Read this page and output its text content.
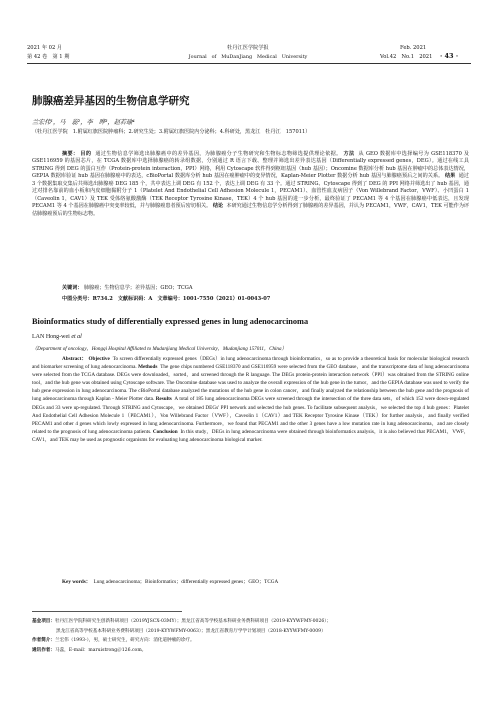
2021 年 02 月
第 42 卷　第 1 期
牡丹江医学院学报
Journal　of　MuDanJiang　Medical　University
Feb. 2021
Vol.42　No.1　2021 · 43 ·
肺腺癌差异基因的生物信息学研究
兰宏伟¹，马　蕊²，李　晔³，赵若瑜⁴
（牡丹江医学院　1.附属红旗医院肿瘤科；2.研究生处；3.附属红旗医院内分泌科；4.科研处，黑龙江　牡丹江　157011）
摘要： 目的 通过生物信息学筛选出肺腺癌中的差异基因，为肺腺癌分子生物研究和生物标志物筛选提供理论依据。 方法 从 GEO 数据库中选择编号为 GSE118370 及 GSE116959 的基因芯片，在 TCGA 数据库中选择肺腺癌的转录组数据，分别通过 R 语言下载、整理并筛选出差异表达基因（Differentially expressed genes，DEG）。通过在线工具 STRING 得到 DEG 的蛋白互作（Protein-protein interaction，PPI）网络，利用 Cytoscape 软件得到枢纽基因（hub 基因）；Oncomine 数据库分析 hub 基因在肿瘤中的总体表达情况，GEPIA 数据库验证 hub 基因在肺腺癌中的表达，cBioPortal 数据库分析 hub 基因在癌肿瘤中的变异情况，Kaplan-Meier Plotter 数据分析 hub 基因与肺腺癌预后之间的关系。 结果 通过 3 个数据集取交集后共筛选出肺腺癌 DEG 185 个，共中表达上调 DEG 有 152 个，表达上调 DEG 有 33 个。通过 STRING、Cytoscape 得到了 DEG 的 PPI 网络并筛选出了 hub 基因，通过对排名靠前的血小板和内皮细胞黏附分子 1（Platelet And Endothelial Cell Adhesion Molecule 1，PECAM1）、血管性血友病因子（Von Willebrand Factor，VWF）、小凹蛋白 1（Caveolin 1，CAV1）及 TEK 受体络氨酸激酶（TEK Receptor Tyrosine Kinase，TEK）4 个 hub 基因的进一步分析，最终验证了 PECAM1 等 4 个基因在肺腺癌中低表达，且发现 PECAM1 等 4 个基因在肺腺癌中突变率较低，并与肺腺癌患者预后密切相关。 结论 本研究通过生物信息学分析得到了肺腺癌的差异基因，并认为 PECAM1，VWF，CAV1，TEK 可能作为评估肺腺癌预后的生物标志物。
关键词： 肺腺癌；生物信息学；差异基因；GEO；TCGA
中图分类号：R734.2　文献标识码：A　文章编号：1001-7550（2021）01-0043-07
Bioinformatics study of differentially expressed genes in lung adenocarcinoma
LAN Hong-wei et al
（Department of oncology，Hongqi Hospital Affiliated to Mudanjiang Medical University，Mudanjiang 157011，China）
Abstract： Objective To screen differentially expressed genes（DEGs）in lung adenocarcinoma through bioinformatics，so as to provide a theoretical basis for molecular biological research and biomarker screening of lung adenocarcinoma. Methods The gene chips numbered GSE118370 and GSE116959 were selected from the GEO database，and the transcriptome data of lung adenocarcinoma were selected from the TCGA database. DEGs were downloaded，sorted，and screened through the R language. The DEGs protein-protein interaction network（PPI）was obtained from the STRING online tool，and the hub gene was obtained using Cytoscape software. The Oncomine database was used to analyze the overall expression of the hub gene in the tumor，and the GEPIA database was used to verify the hub gene expression in lung adenocarcinoma. The cBioPortal database analyzed the mutations of the hub gene in colon cancer，and finally analyzed the relationship between the hub gene and the prognosis of lung adenocarcinoma through Kaplan - Meier Plotter data. Results A total of 185 lung adenocarcinoma DEGs were screened through the intersection of the three data sets，of which 152 were down-regulated DEGs and 33 were up-regulated. Through STRING and Cytoscape，we obtained DEGs' PPI network and selected the hub genes. To facilitate subsequent analysis，we selected the top 4 hub genes：Platelet And Endothelial Cell Adhesion Molecule 1（PECAM1），Von Willebrand Factor（VWF），Caveolin 1（CAV1）and TEK Receptor Tyrosine Kinase（TEK）for further analysis，and finally verified PECAM1 and other 4 genes which lowly expressed in lung adenocarcinoma. Furthermore，we found that PECAM1 and the other 3 genes have a low mutation rate in lung adenocarcinoma，and are closely related to the prognosis of lung adenocarcinoma patients. Conclusion In this study，DEGs in lung adenocarcinoma were obtained through bioinformatics analysis，it is also believed that PECAM1，VWF，CAV1，and TEK may be used as prognostic organisms for evaluating lung adenocarcinoma biological marker.
Key words： Lung adenocarcinoma；Bioinformatics；differentially expressed genes；GEO；TCGA
基金项目：牡丹江医学院科研究生创新科研项目（2019YJSCX-03MY）；黑龙江省高等学校基本科研业务费科研项目（2019-KYYWFMY-0026）；
黑龙江省高等学校基本科研业务费科研项目（2019-KYYWFMY-0063）；黑龙江省教育厅学学计划项目（2018-KYYWFMY-0009）
作者简介：兰宏伟（1993-），男，硕士研究生，研究方向：消化道肿瘤的诊疗。
通讯作者：马蕊，E-mail：maruistrong＠126.com。
